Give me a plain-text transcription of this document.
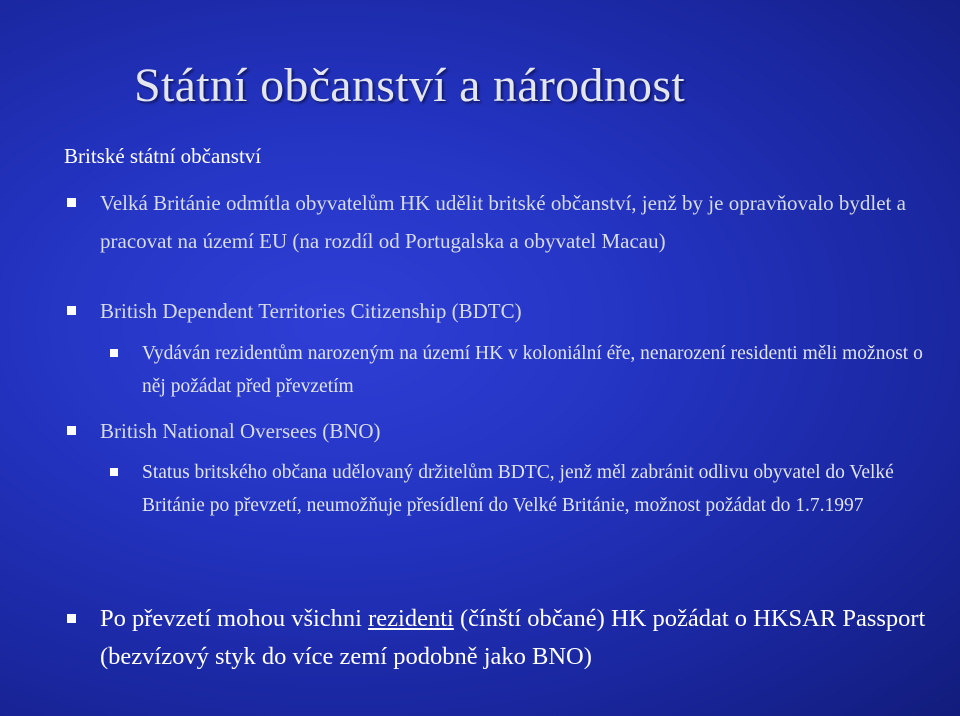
Státní občanství a národnost
Britské státní občanství
Velká Británie odmítla obyvatelům HK udělit britské občanství, jenž by je opravňovalo bydlet a pracovat na území EU (na rozdíl od Portugalska a obyvatel Macau)
British Dependent Territories Citizenship (BDTC)
Vydáván rezidentům narozeným na území HK v koloniální éře, nenarození residenti měli možnost o něj požádat před převzetím
British National Oversees (BNO)
Status britského občana udělovaný držitelům BDTC, jenž měl zabránit odlivu obyvatel do Velké Británie po převzetí, neumožňuje přesídlení do Velké Británie, možnost požádat do 1.7.1997
Po převzetí mohou všichni rezidenti (čínští občané) HK požádat o HKSAR Passport (bezvízový styk do více zemí podobně jako BNO)
